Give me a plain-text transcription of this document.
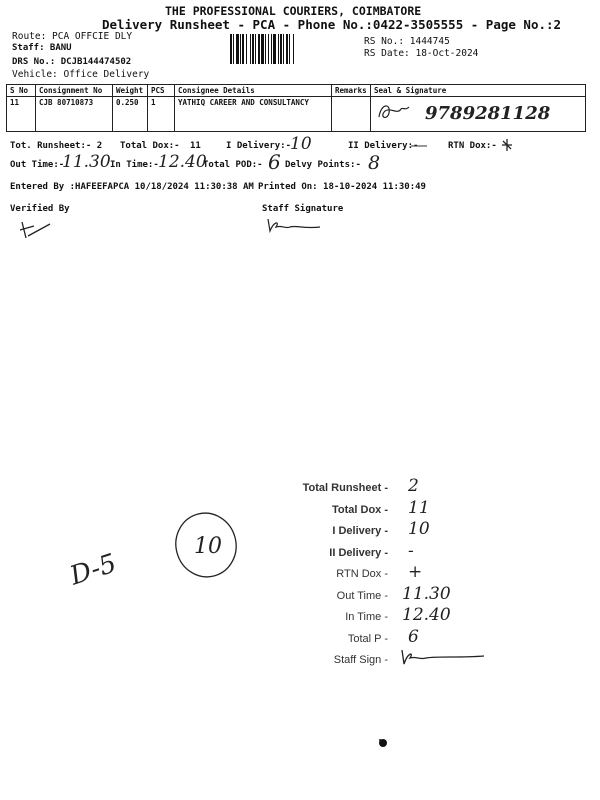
THE PROFESSIONAL COURIERS, COIMBATORE
Delivery Runsheet - PCA - Phone No.:0422-3505555 - Page No.:2
Route: PCA OFFCIE DLY
Staff: BANU
DRS No.: DCJB144474502
Vehicle: Office Delivery
RS No.: 1444745
RS Date: 18-Oct-2024
S No	Consignment No	Weight	PCS	Consignee Details	Remarks	Seal & Signature
11	CJB 80710873	0.250	1	YATHIQ CAREER AND CONSULTANCY		9789281128
Tot. Runsheet:- 2 Total Dox:- 11	I Delivery:-
10	II Delivery:-	RTN Dox:-
Out Time:-
11.30 In Time:- 12.40
Total POD:- 6 Delvy Points:- 8
Entered By :HAFEEFAPCA 10/18/2024 11:30:38 AM Printed On: 18-10-2024 11:30:49
Verified By	Staff Signature
Total Runsheet - 2
Total Dox - 11
I Delivery - 10
II Delivery - -
RTN Dox - +
Out Time - 11.30
In Time - 12.40
Total P - 6
Staff Sign -
D-5
10
